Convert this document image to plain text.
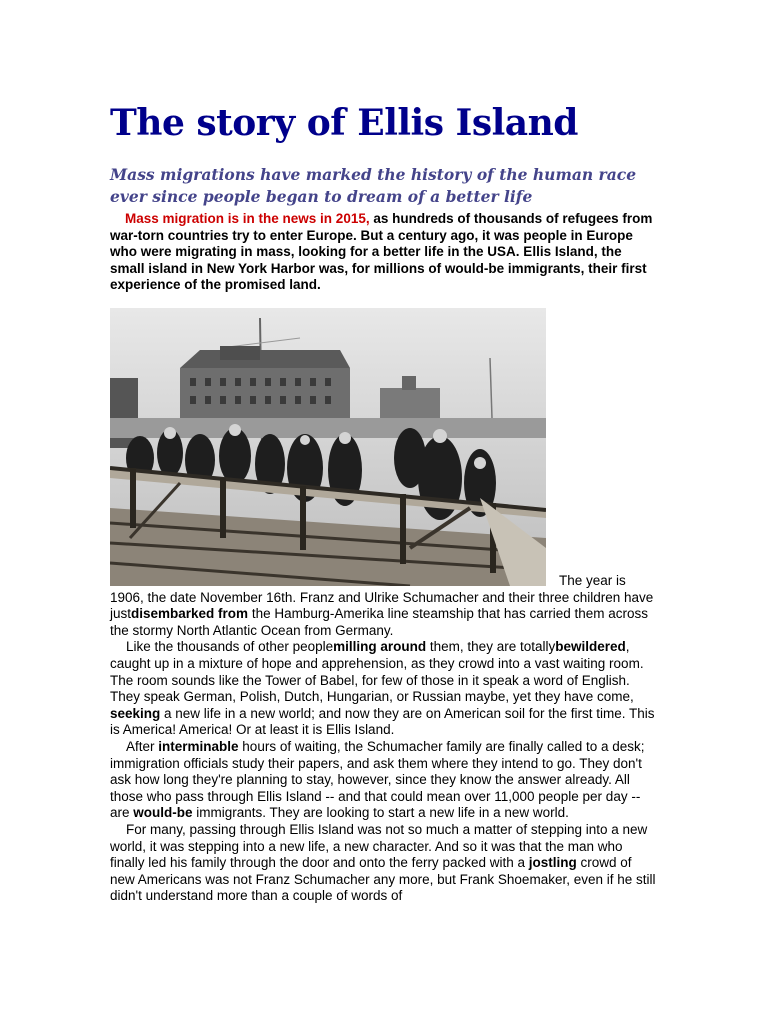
The story of Ellis Island

Mass migrations have marked the history of the human race ever since people began to dream of a better life

Mass migration is in the news in 2015, as hundreds of thousands of refugees from war-torn countries try to enter Europe. But a century ago, it was people in Europe who were migrating in mass, looking for a better life in the USA. Ellis Island, the small island in New York Harbor was, for millions of would-be immigrants, their first experience of the promised land.

The year is 1906, the date November 16th. Franz and Ulrike Schumacher and their three children have justdisembarked from the Hamburg-Amerika line steamship that has carried them across the stormy North Atlantic Ocean from Germany.

Like the thousands of other peoplemilling around them, they are totallybewildered, caught up in a mixture of hope and apprehension, as they crowd into a vast waiting room. The room sounds like the Tower of Babel, for few of those in it speak a word of English. They speak German, Polish, Dutch, Hungarian, or Russian maybe, yet they have come, seeking a new life in a new world; and now they are on American soil for the first time. This is America! America! Or at least it is Ellis Island.

After interminable hours of waiting, the Schumacher family are finally called to a desk; immigration officials study their papers, and ask them where they intend to go. They don't ask how long they're planning to stay, however, since they know the answer already. All those who pass through Ellis Island -- and that could mean over 11,000 people per day -- are would-be immigrants. They are looking to start a new life in a new world.

For many, passing through Ellis Island was not so much a matter of stepping into a new world, it was stepping into a new life, a new character. And so it was that the man who finally led his family through the door and onto the ferry packed with a jostling crowd of new Americans was not Franz Schumacher any more, but Frank Shoemaker, even if he still didn't understand more than a couple of words of
